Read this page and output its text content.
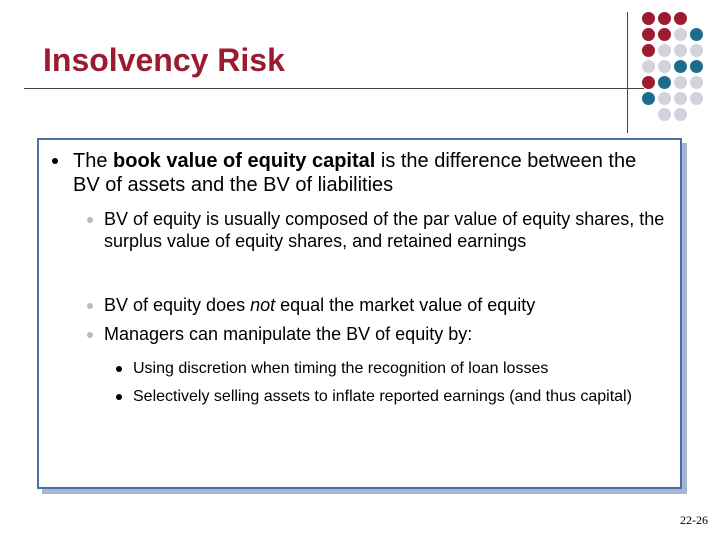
Insolvency Risk
The book value of equity capital is the difference between the BV of assets and the BV of liabilities
BV of equity is usually composed of the par value of equity shares, the surplus value of equity shares, and retained earnings
BV of equity does not equal the market value of equity
Managers can manipulate the BV of equity by:
Using discretion when timing the recognition of loan losses
Selectively selling assets to inflate reported earnings (and thus capital)
22-26
